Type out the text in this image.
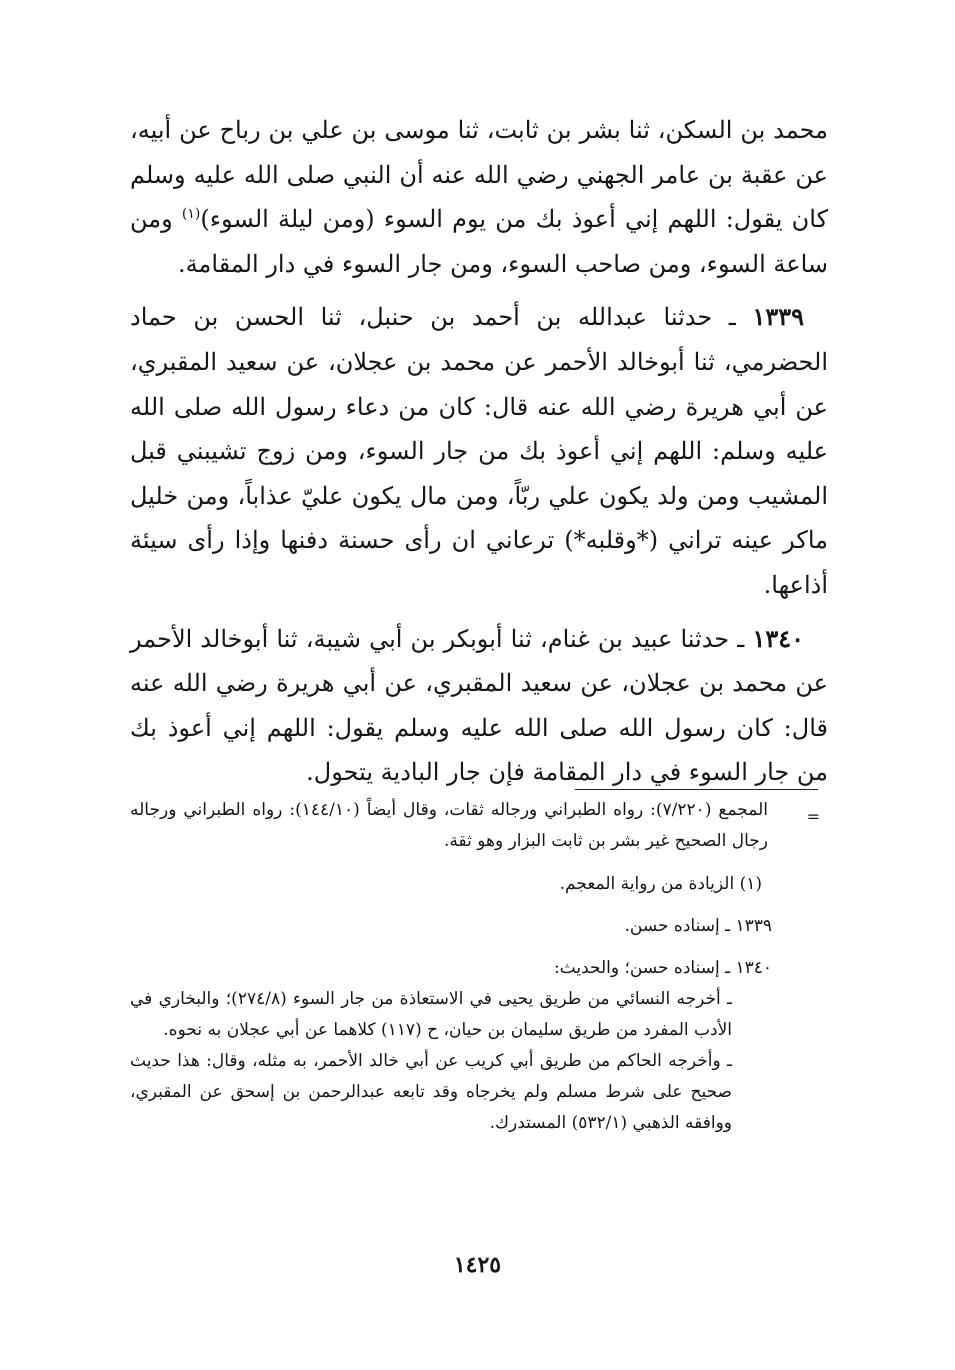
محمد بن السكن، ثنا بشر بن ثابت، ثنا موسى بن علي بن رباح عن أبيه، عن عقبة بن عامر الجهني رضي الله عنه أن النبي صلى الله عليه وسلم كان يقول: اللهم إني أعوذ بك من يوم السوء (ومن ليلة السوء)$^{(١)}$ ومن ساعة السوء، ومن صاحب السوء، ومن جار السوء في دار المقامة.

١٣٣٩ ـ حدثنا عبدالله بن أحمد بن حنبل، ثنا الحسن بن حماد الحضرمي، ثنا أبوخالد الأحمر عن محمد بن عجلان، عن سعيد المقبري، عن أبي هريرة رضي الله عنه قال: كان من دعاء رسول الله صلى الله عليه وسلم: اللهم إني أعوذ بك من جار السوء، ومن زوج تشيبني قبل المشيب ومن ولد يكون علي ربّاً، ومن مال يكون عليّ عذاباً، ومن خليل ماكر عينه تراني (*وقلبه*) ترعاني ان رأى حسنة دفنها وإذا رأى سيئة أذاعها.

١٣٤٠ ـ حدثنا عبيد بن غنام، ثنا أبوبكر بن أبي شيبة، ثنا أبوخالد الأحمر عن محمد بن عجلان، عن سعيد المقبري، عن أبي هريرة رضي الله عنه قال: كان رسول الله صلى الله عليه وسلم يقول: اللهم إني أعوذ بك من جار السوء في دار المقامة فإن جار البادية يتحول.

=
المجمع (٧/٢٢٠): رواه الطبراني ورجاله ثقات، وقال أيضاً (١٤٤/١٠): رواه الطبراني ورجاله رجال الصحيح غير بشر بن ثابت البزار وهو ثقة.
(١) الزيادة من رواية المعجم.
١٣٣٩ ـ إسناده حسن.
١٣٤٠ ـ إسناده حسن؛ والحديث:

ـ أخرجه النسائي من طريق يحيى في الاستعاذة من جار السوء (٢٧٤/٨)؛ والبخاري في الأدب المفرد من طريق سليمان بن حيان، ح (١١٧) كلاهما عن أبي عجلان به نحوه.

ـ وأخرجه الحاكم من طريق أبي كريب عن أبي خالد الأحمر، به مثله، وقال: هذا حديث صحيح على شرط مسلم ولم يخرجاه وقد تابعه عبدالرحمن بن إسحق عن المقبري، ووافقه الذهبي (٥٣٢/١) المستدرك.

١٤٢٥
